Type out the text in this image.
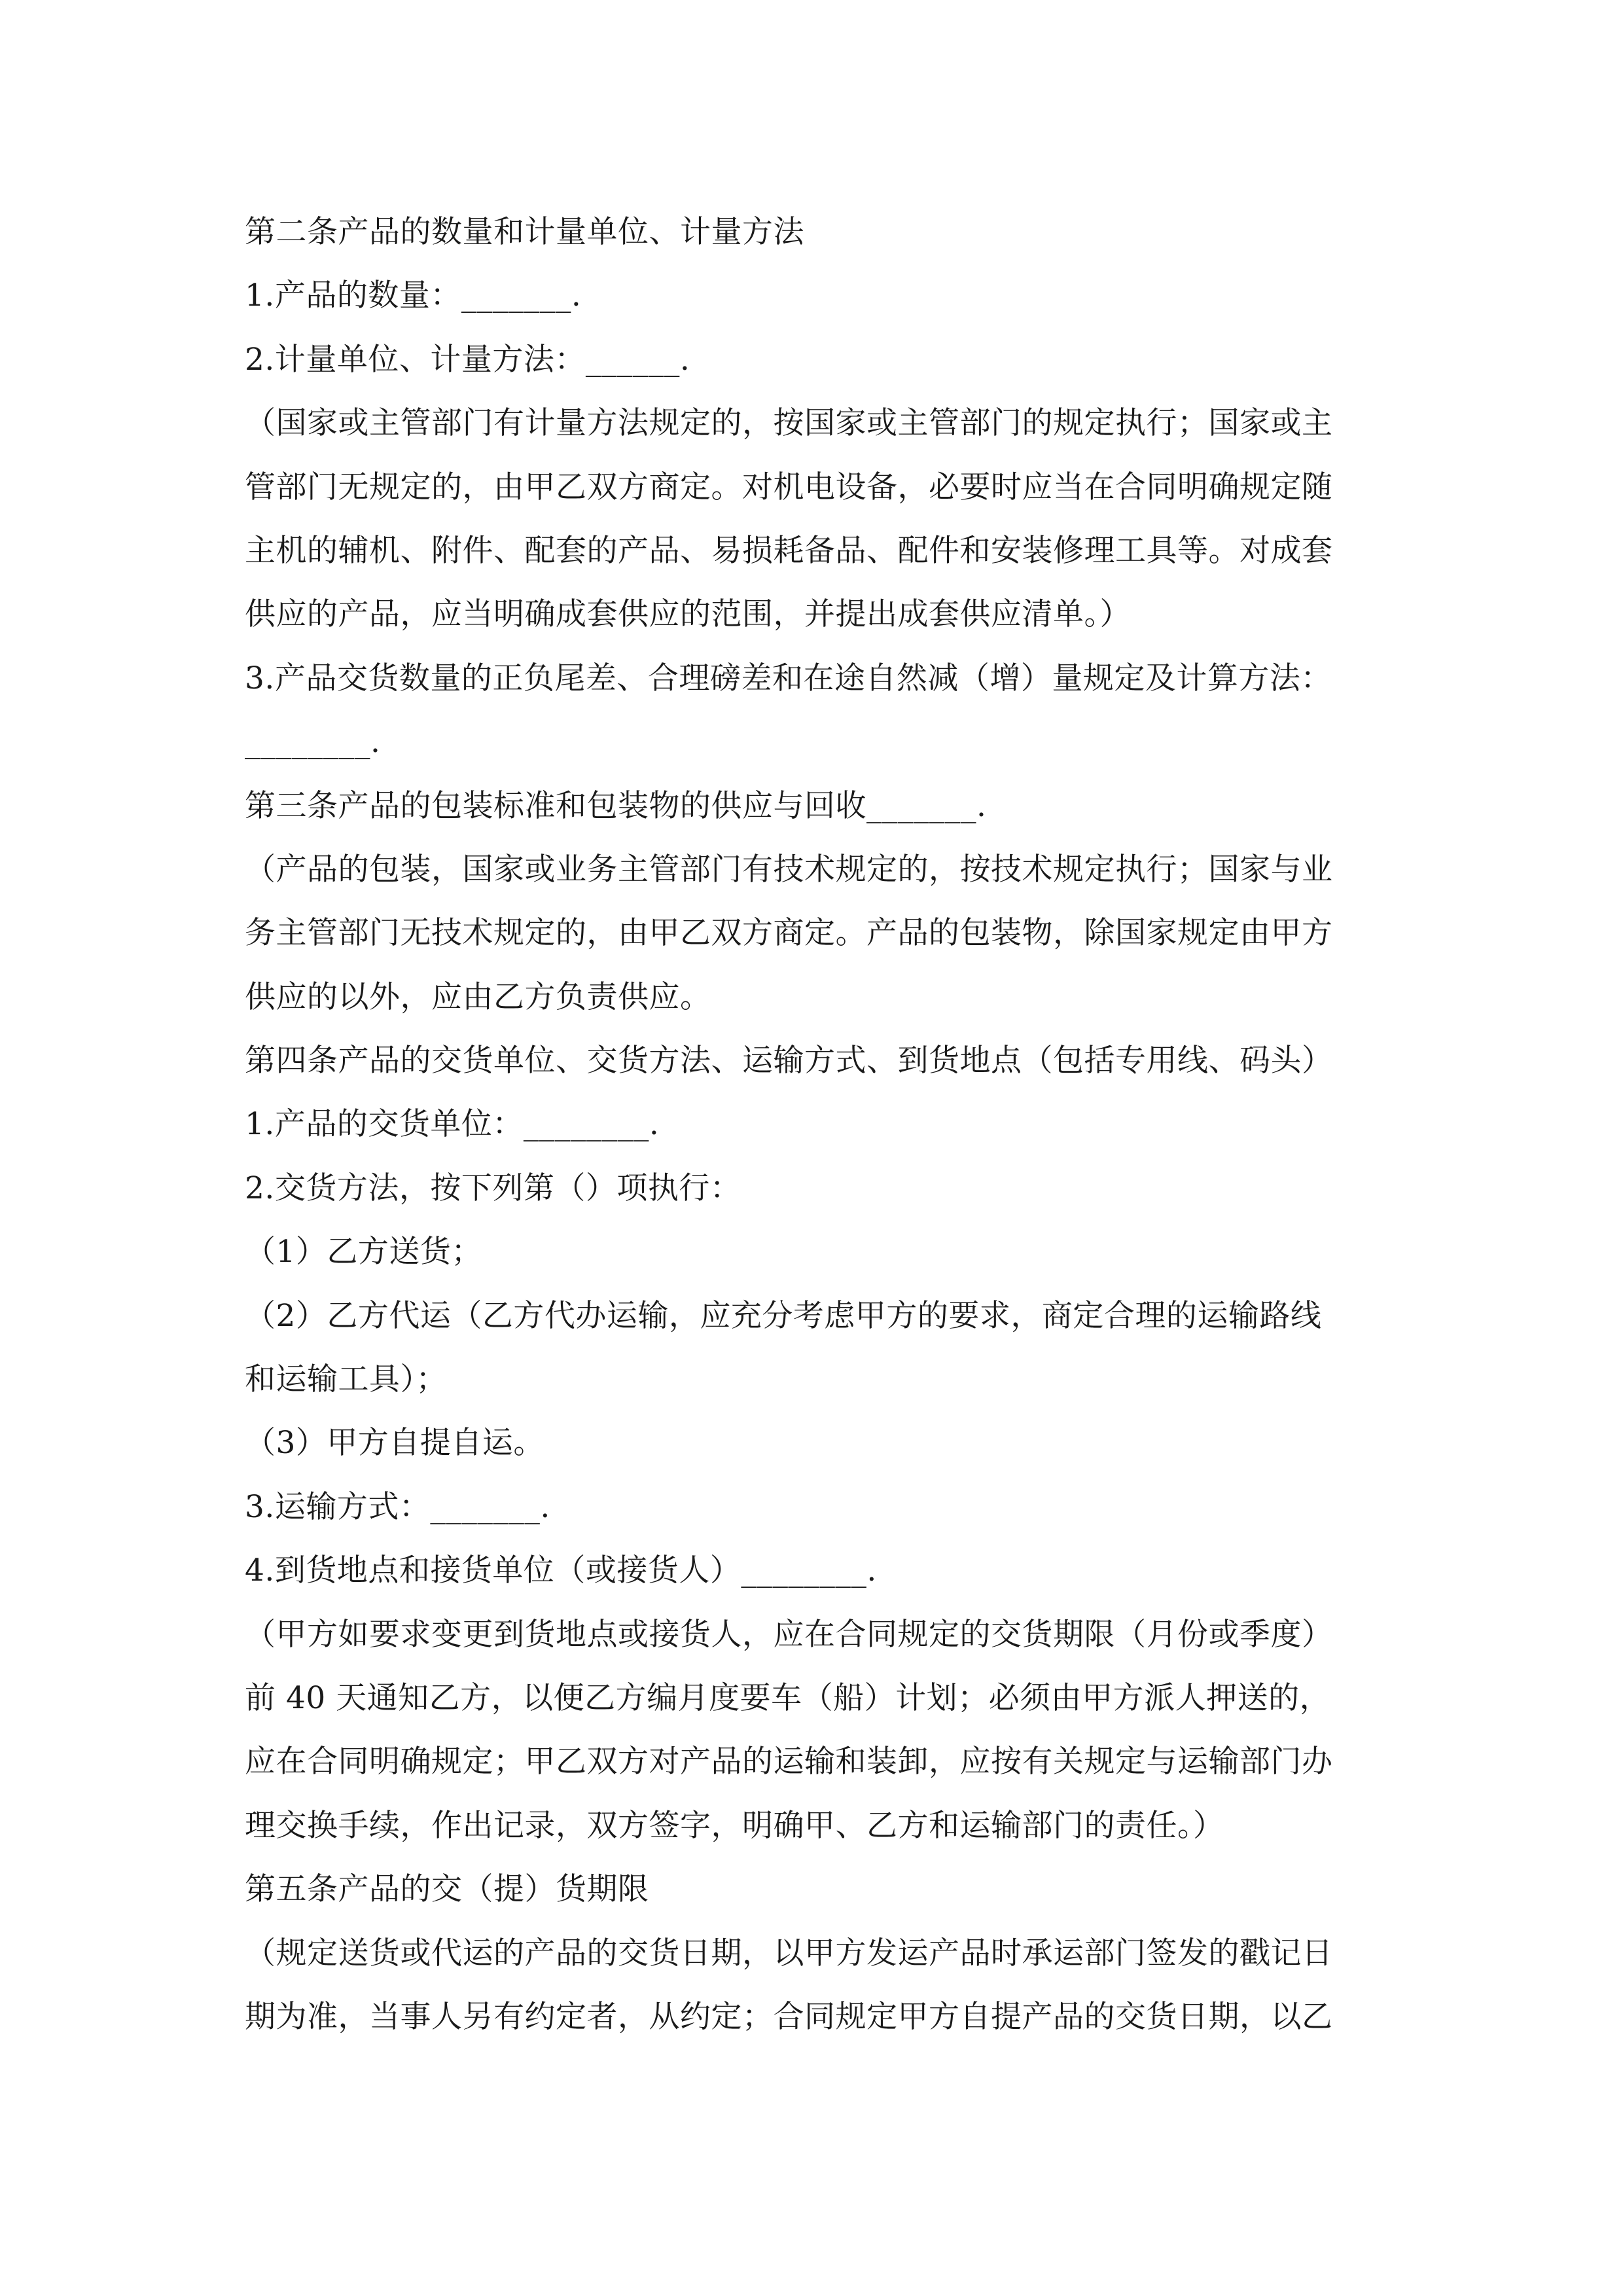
第二条产品的数量和计量单位、计量方法
1.产品的数量：_______.
2.计量单位、计量方法：______.
（国家或主管部门有计量方法规定的，按国家或主管部门的规定执行；国家或主
管部门无规定的，由甲乙双方商定。对机电设备，必要时应当在合同明确规定随
主机的辅机、附件、配套的产品、易损耗备品、配件和安装修理工具等。对成套
供应的产品，应当明确成套供应的范围，并提出成套供应清单。）
3.产品交货数量的正负尾差、合理磅差和在途自然减（增）量规定及计算方法：
________.
第三条产品的包装标准和包装物的供应与回收_______.
（产品的包装，国家或业务主管部门有技术规定的，按技术规定执行；国家与业
务主管部门无技术规定的，由甲乙双方商定。产品的包装物，除国家规定由甲方
供应的以外，应由乙方负责供应。
第四条产品的交货单位、交货方法、运输方式、到货地点（包括专用线、码头）
1.产品的交货单位：________.
2.交货方法，按下列第（）项执行：
（1）乙方送货；
（2）乙方代运（乙方代办运输，应充分考虑甲方的要求，商定合理的运输路线
和运输工具）；
（3）甲方自提自运。
3.运输方式：_______.
4.到货地点和接货单位（或接货人）________.
（甲方如要求变更到货地点或接货人，应在合同规定的交货期限（月份或季度）
前 40 天通知乙方，以便乙方编月度要车（船）计划；必须由甲方派人押送的，
应在合同明确规定；甲乙双方对产品的运输和装卸，应按有关规定与运输部门办
理交换手续，作出记录，双方签字，明确甲、乙方和运输部门的责任。）
第五条产品的交（提）货期限
（规定送货或代运的产品的交货日期，以甲方发运产品时承运部门签发的戳记日
期为准，当事人另有约定者，从约定；合同规定甲方自提产品的交货日期，以乙
